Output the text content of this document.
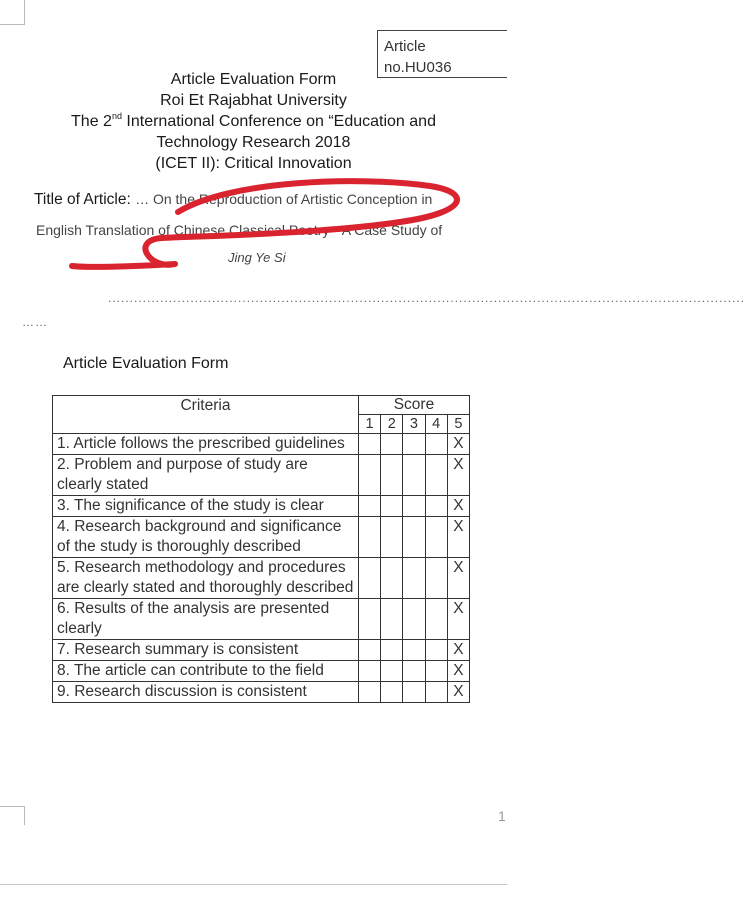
Article
no.HU036
Article Evaluation Form
Roi Et Rajabhat University
The 2nd International Conference on “Education and
Technology Research 2018
(ICET II): Critical Innovation
Title of Article: … On the Reproduction of Artistic Conception in
English Translation of Chinese Classical Poetry-- A Case Study of
Jing Ye Si
...................................................................................................................................................
……
Article Evaluation Form
Criteria	Score				
	1	2	3	4	5
1. Article follows the prescribed guidelines					X
2. Problem and purpose of study are clearly stated					X
3. The significance of the study is clear					X
4. Research background and significance of the study is thoroughly described					X
5. Research methodology and procedures are clearly stated and thoroughly described					X
6. Results of the analysis are presented clearly					X
7. Research summary is consistent					X
8. The article can contribute to the field					X
9. Research discussion is consistent					X
1
